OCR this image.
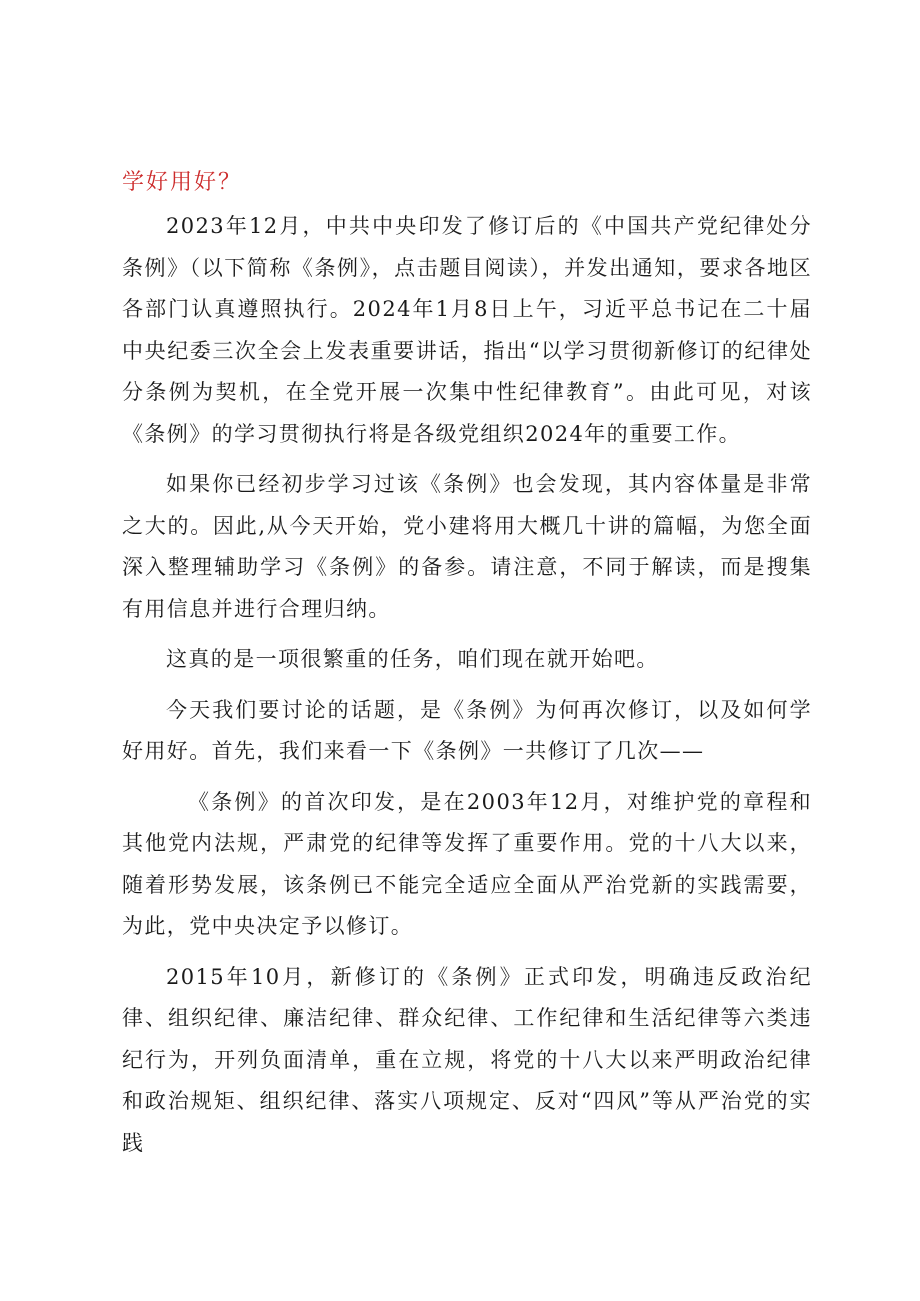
学好用好？

2023年12月，中共中央印发了修订后的《中国共产党纪律处分条例》（以下简称《条例》，点击题目阅读），并发出通知，要求各地区各部门认真遵照执行。2024年1月8日上午，习近平总书记在二十届中央纪委三次全会上发表重要讲话，指出“以学习贯彻新修订的纪律处分条例为契机，在全党开展一次集中性纪律教育”。由此可见，对该《条例》的学习贯彻执行将是各级党组织2024年的重要工作。

如果你已经初步学习过该《条例》也会发现，其内容体量是非常之大的。因此,从今天开始，党小建将用大概几十讲的篇幅，为您全面深入整理辅助学习《条例》的备参。请注意，不同于解读，而是搜集有用信息并进行合理归纳。

这真的是一项很繁重的任务，咱们现在就开始吧。

今天我们要讨论的话题，是《条例》为何再次修订，以及如何学好用好。首先，我们来看一下《条例》一共修订了几次——

《条例》的首次印发，是在2003年12月，对维护党的章程和其他党内法规，严肃党的纪律等发挥了重要作用。党的十八大以来，随着形势发展，该条例已不能完全适应全面从严治党新的实践需要，为此，党中央决定予以修订。

2015年10月，新修订的《条例》正式印发，明确违反政治纪律、组织纪律、廉洁纪律、群众纪律、工作纪律和生活纪律等六类违纪行为，开列负面清单，重在立规，将党的十八大以来严明政治纪律和政治规矩、组织纪律、落实八项规定、反对“四风”等从严治党的实践
